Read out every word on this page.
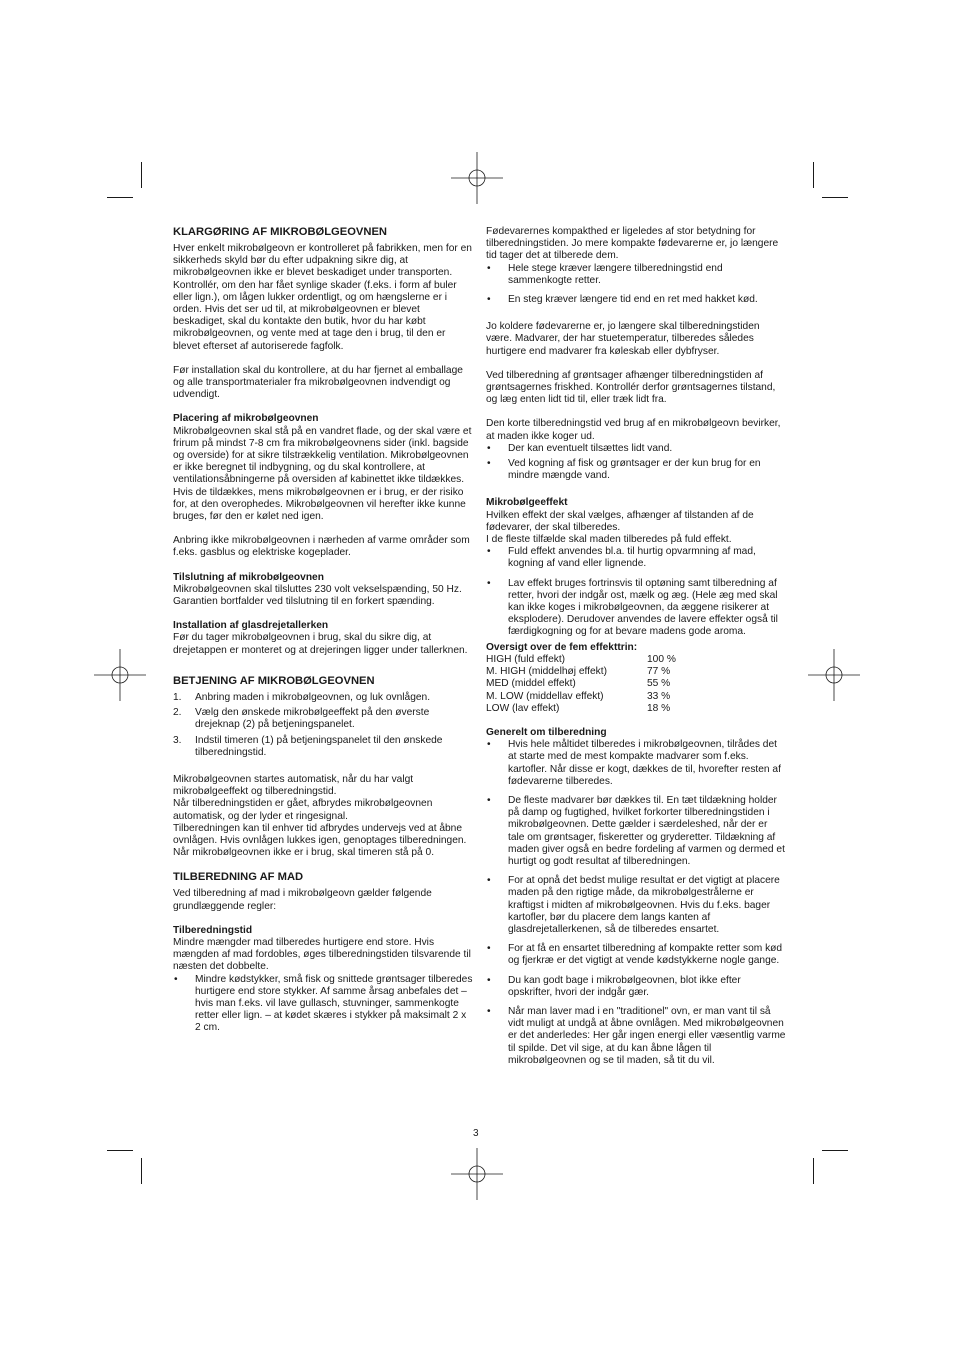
KLARGØRING AF MIKROBØLGEOVNEN

Hver enkelt mikrobølgeovn er kontrolleret på fabrikken, men for en sikkerheds skyld bør du efter udpakning sikre dig, at mikrobølgeovnen ikke er blevet beskadiget under transporten. Kontrollér, om den har fået synlige skader (f.eks. i form af buler eller lign.), om lågen lukker ordentligt, og om hængslerne er i orden. Hvis det ser ud til, at mikrobølgeovnen er blevet beskadiget, skal du kontakte den butik, hvor du har købt mikrobølgeovnen, og vente med at tage den i brug, til den er blevet efterset af autoriserede fagfolk.

Før installation skal du kontrollere, at du har fjernet al emballage og alle transportmaterialer fra mikrobølgeovnen indvendigt og udvendigt.

Placering af mikrobølgeovnen

Mikrobølgeovnen skal stå på en vandret flade, og der skal være et frirum på mindst 7-8 cm fra mikrobølgeovnens sider (inkl. bagside og overside) for at sikre tilstrækkelig ventilation. Mikrobølgeovnen er ikke beregnet til indbygning, og du skal kontrollere, at ventilationsåbningerne på oversiden af kabinettet ikke tildækkes. Hvis de tildækkes, mens mikrobølgeovnen er i brug, er der risiko for, at den overophedes. Mikrobølgeovnen vil herefter ikke kunne bruges, før den er kølet ned igen.

Anbring ikke mikrobølgeovnen i nærheden af varme områder som f.eks. gasblus og elektriske kogeplader.

Tilslutning af mikrobølgeovnen

Mikrobølgeovnen skal tilsluttes 230 volt vekselspænding, 50 Hz. Garantien bortfalder ved tilslutning til en forkert spænding.

Installation af glasdrejetallerken

Før du tager mikrobølgeovnen i brug, skal du sikre dig, at drejetappen er monteret og at drejeringen ligger under tallerknen.

BETJENING AF MIKROBØLGEOVNEN
1. Anbring maden i mikrobølgeovnen, og luk ovnlågen.
2. Vælg den ønskede mikrobølgeeffekt på den øverste drejeknap (2) på betjeningspanelet.
3. Indstil timeren (1) på betjeningspanelet til den ønskede tilberedningstid.

Mikrobølgeovnen startes automatisk, når du har valgt mikrobølgeeffekt og tilberedningstid.

Når tilberedningstiden er gået, afbrydes mikrobølgeovnen automatisk, og der lyder et ringesignal.

Tilberedningen kan til enhver tid afbrydes undervejs ved at åbne ovnlågen. Hvis ovnlågen lukkes igen, genoptages tilberedningen.

Når mikrobølgeovnen ikke er i brug, skal timeren stå på 0.

TILBEREDNING AF MAD

Ved tilberedning af mad i mikrobølgeovn gælder følgende grundlæggende regler:

Tilberedningstid

Mindre mængder mad tilberedes hurtigere end store. Hvis mængden af mad fordobles, øges tilberedningstiden tilsvarende til næsten det dobbelte.

• Mindre kødstykker, små fisk og snittede grøntsager tilberedes hurtigere end store stykker. Af samme årsag anbefales det – hvis man f.eks. vil lave gullasch, stuvninger, sammenkogte retter eller lign. – at kødet skæres i stykker på maksimalt 2 x 2 cm.

Fødevarernes kompakthed er ligeledes af stor betydning for tilberedningstiden. Jo mere kompakte fødevarerne er, jo længere tid tager det at tilberede dem.

• Hele stege kræver længere tilberedningstid end sammenkogte retter.
• En steg kræver længere tid end en ret med hakket kød.

Jo koldere fødevarerne er, jo længere skal tilberedningstiden være. Madvarer, der har stuetemperatur, tilberedes således hurtigere end madvarer fra køleskab eller dybfryser.

Ved tilberedning af grøntsager afhænger tilberedningstiden af grøntsagernes friskhed. Kontrollér derfor grøntsagernes tilstand, og læg enten lidt tid til, eller træk lidt fra.

Den korte tilberedningstid ved brug af en mikrobølgeovn bevirker, at maden ikke koger ud.

• Der kan eventuelt tilsættes lidt vand.
• Ved kogning af fisk og grøntsager er der kun brug for en mindre mængde vand.
Mikrobølgeeffekt

Hvilken effekt der skal vælges, afhænger af tilstanden af de fødevarer, der skal tilberedes.

I de fleste tilfælde skal maden tilberedes på fuld effekt.

• Fuld effekt anvendes bl.a. til hurtig opvarmning af mad, kogning af vand eller lignende.
• Lav effekt bruges fortrinsvis til optøning samt tilberedning af retter, hvori der indgår ost, mælk og æg. (Hele æg med skal kan ikke koges i mikrobølgeovnen, da æggene risikerer at eksplodere). Derudover anvendes de lavere effekter også til færdigkogning og for at bevare madens gode aroma.
Oversigt over de fem effekttrin:
HIGH (fuld effekt)	100 %
M. HIGH (middelhøj effekt)	77 %
MED (middel effekt)	55 %
M. LOW (middellav effekt)	33 %
LOW (lav effekt)	18 %
Generelt om tilberedning
• Hvis hele måltidet tilberedes i mikrobølgeovnen, tilrådes det at starte med de mest kompakte madvarer som f.eks. kartofler. Når disse er kogt, dækkes de til, hvorefter resten af fødevarerne tilberedes.
• De fleste madvarer bør dækkes til. En tæt tildækning holder på damp og fugtighed, hvilket forkorter tilberedningstiden i mikrobølgeovnen. Dette gælder i særdeleshed, når der er tale om grøntsager, fiskeretter og gryderetter. Tildækning af maden giver også en bedre fordeling af varmen og dermed et hurtigt og godt resultat af tilberedningen.
• For at opnå det bedst mulige resultat er det vigtigt at placere maden på den rigtige måde, da mikrobølgestrålerne er kraftigst i midten af mikrobølgeovnen. Hvis du f.eks. bager kartofler, bør du placere dem langs kanten af glasdrejetallerkenen, så de tilberedes ensartet.
• For at få en ensartet tilberedning af kompakte retter som kød og fjerkræ er det vigtigt at vende kødstykkerne nogle gange.
• Du kan godt bage i mikrobølgeovnen, blot ikke efter opskrifter, hvori der indgår gær.
• Når man laver mad i en "traditionel" ovn, er man vant til så vidt muligt at undgå at åbne ovnlågen. Med mikrobølgeovnen er det anderledes: Her går ingen energi eller væsentlig varme til spilde. Det vil sige, at du kan åbne lågen til mikrobølgeovnen og se til maden, så tit du vil.
3
